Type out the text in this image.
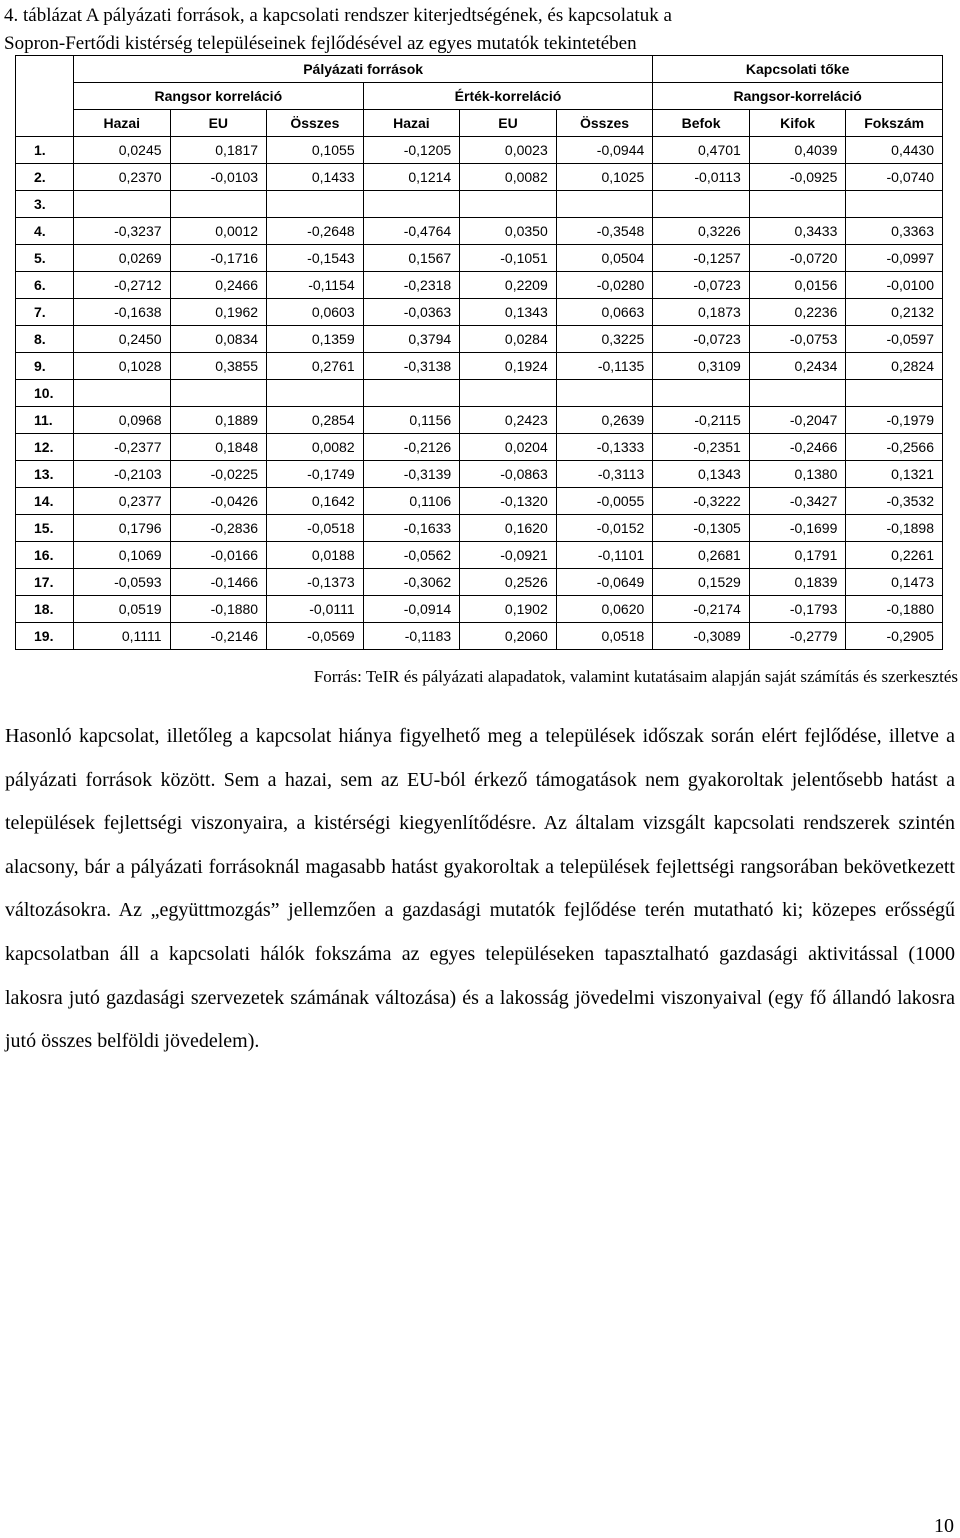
4. táblázat A pályázati források, a kapcsolati rendszer kiterjedtségének, és kapcsolatuk a
Sopron-Fertődi kistérség településeinek fejlődésével az egyes mutatók tekintetében
	Pályázati források						Kapcsolati tőke		
	Rangsor korreláció			Érték-korreláció			Rangsor-korreláció		
	Hazai	EU	Összes	Hazai	EU	Összes	Befok	Kifok	Fokszám
1.	0,0245	0,1817	0,1055	-0,1205	0,0023	-0,0944	0,4701	0,4039	0,4430
2.	0,2370	-0,0103	0,1433	0,1214	0,0082	0,1025	-0,0113	-0,0925	-0,0740
3.									
4.	-0,3237	0,0012	-0,2648	-0,4764	0,0350	-0,3548	0,3226	0,3433	0,3363
5.	0,0269	-0,1716	-0,1543	0,1567	-0,1051	0,0504	-0,1257	-0,0720	-0,0997
6.	-0,2712	0,2466	-0,1154	-0,2318	0,2209	-0,0280	-0,0723	0,0156	-0,0100
7.	-0,1638	0,1962	0,0603	-0,0363	0,1343	0,0663	0,1873	0,2236	0,2132
8.	0,2450	0,0834	0,1359	0,3794	0,0284	0,3225	-0,0723	-0,0753	-0,0597
9.	0,1028	0,3855	0,2761	-0,3138	0,1924	-0,1135	0,3109	0,2434	0,2824
10.									
11.	0,0968	0,1889	0,2854	0,1156	0,2423	0,2639	-0,2115	-0,2047	-0,1979
12.	-0,2377	0,1848	0,0082	-0,2126	0,0204	-0,1333	-0,2351	-0,2466	-0,2566
13.	-0,2103	-0,0225	-0,1749	-0,3139	-0,0863	-0,3113	0,1343	0,1380	0,1321
14.	0,2377	-0,0426	0,1642	0,1106	-0,1320	-0,0055	-0,3222	-0,3427	-0,3532
15.	0,1796	-0,2836	-0,0518	-0,1633	0,1620	-0,0152	-0,1305	-0,1699	-0,1898
16.	0,1069	-0,0166	0,0188	-0,0562	-0,0921	-0,1101	0,2681	0,1791	0,2261
17.	-0,0593	-0,1466	-0,1373	-0,3062	0,2526	-0,0649	0,1529	0,1839	0,1473
18.	0,0519	-0,1880	-0,0111	-0,0914	0,1902	0,0620	-0,2174	-0,1793	-0,1880
19.	0,1111	-0,2146	-0,0569	-0,1183	0,2060	0,0518	-0,3089	-0,2779	-0,2905
Forrás: TeIR és pályázati alapadatok, valamint kutatásaim alapján saját számítás és szerkesztés

Hasonló kapcsolat, illetőleg a kapcsolat hiánya figyelhető meg a települések időszak során elért fejlődése, illetve a pályázati források között. Sem a hazai, sem az EU-ból érkező támogatások nem gyakoroltak jelentősebb hatást a települések fejlettségi viszonyaira, a kistérségi kiegyenlítődésre. Az általam vizsgált kapcsolati rendszerek szintén alacsony, bár a pályázati forrásoknál magasabb hatást gyakoroltak a települések fejlettségi rangsorában bekövetkezett változásokra. Az „együttmozgás” jellemzően a gazdasági mutatók fejlődése terén mutatható ki; közepes erősségű kapcsolatban áll a kapcsolati hálók fokszáma az egyes településeken tapasztalható gazdasági aktivitással (1000 lakosra jutó gazdasági szervezetek számának változása) és a lakosság jövedelmi viszonyaival (egy fő állandó lakosra jutó összes belföldi jövedelem).

10
